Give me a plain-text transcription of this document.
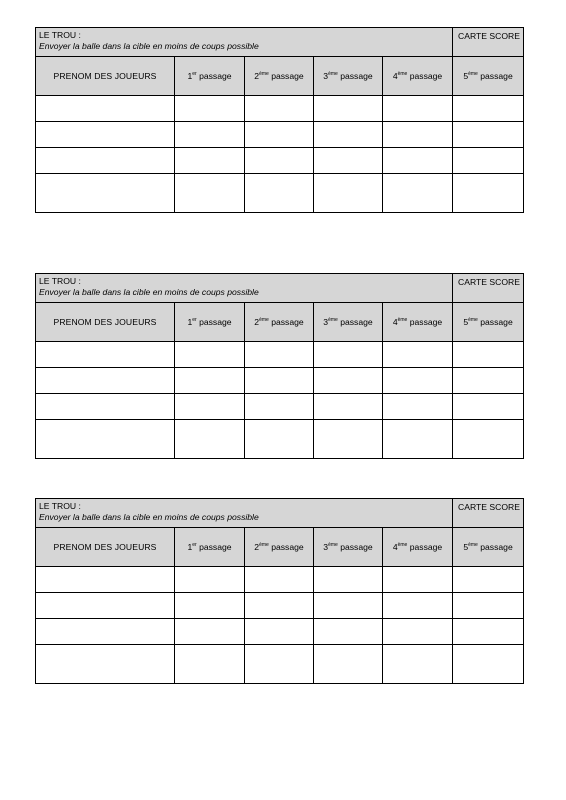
LE TROU :
Envoyer la balle dans la cible en moins de coups possible					CARTE SCORE
PRENOM DES JOUEURS	1er passage	2ème passage	3ème passage	4ème passage	5ème passage

LE TROU :
Envoyer la balle dans la cible en moins de coups possible					CARTE SCORE
PRENOM DES JOUEURS	1er passage	2ème passage	3ème passage	4ème passage	5ème passage

LE TROU :
Envoyer la balle dans la cible en moins de coups possible					CARTE SCORE
PRENOM DES JOUEURS	1er passage	2ème passage	3ème passage	4ème passage	5ème passage
